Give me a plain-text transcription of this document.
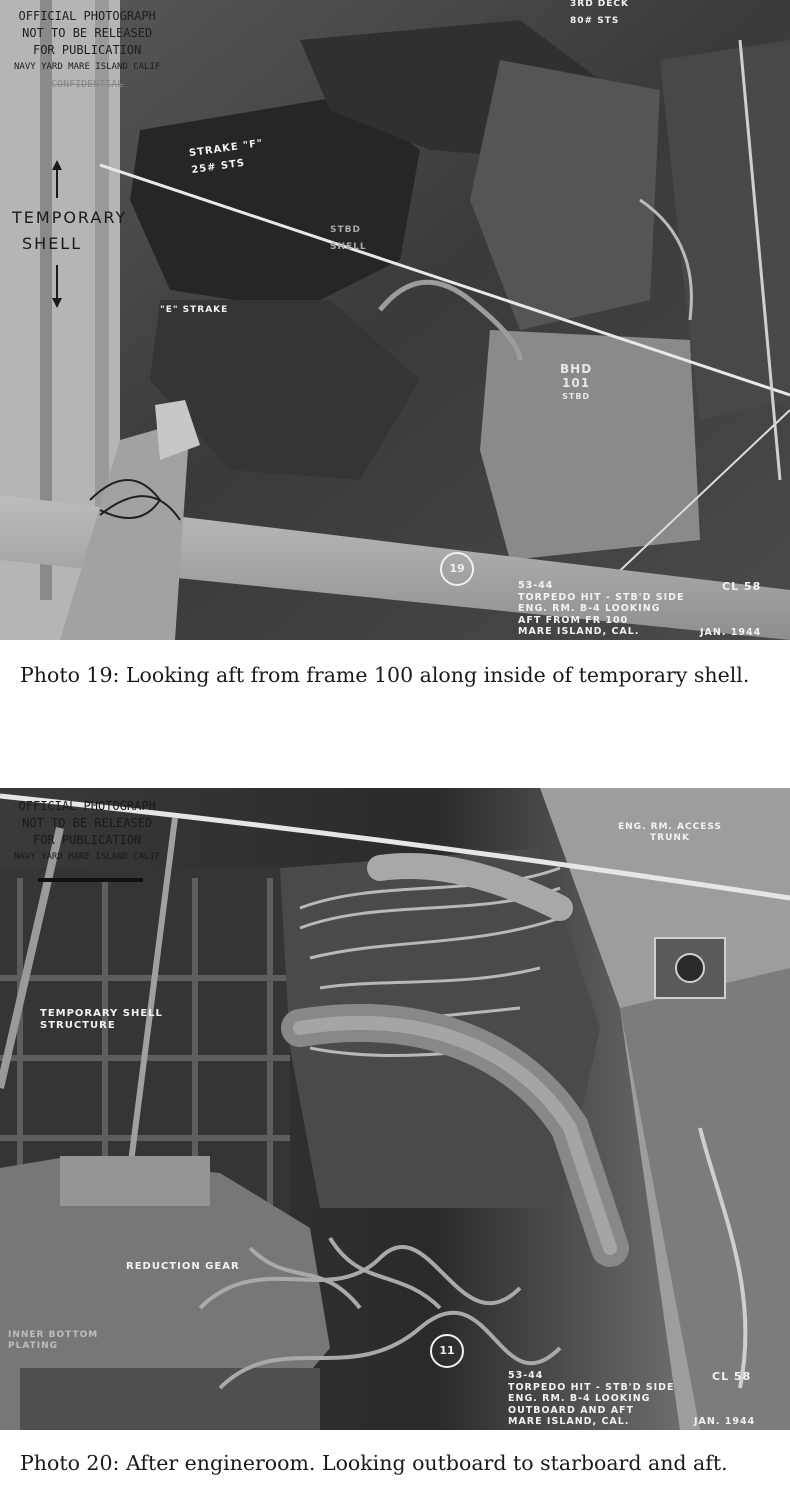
OFFICIAL PHOTOGRAPH
NOT TO BE RELEASED
FOR PUBLICATION
NAVY YARD MARE ISLAND CALIF
CONFIDENTIAL
TEMPORARY
SHELL
STRAKE "F"
25# STS

"E" STRAKE

STBD
SHELL
3RD DECK
80# STS
BHD
101
STBD
19
53-44
TORPEDO HIT - STB'D SIDE
ENG. RM. B-4 LOOKING
AFT FROM FR 100
MARE ISLAND, CAL.

CL 58

JAN. 1944

Photo 19: Looking aft from frame 100 along inside of temporary shell.

OFFICIAL PHOTOGRAPH
NOT TO BE RELEASED
FOR PUBLICATION
NAVY YARD MARE ISLAND CALIF
ENG. RM. ACCESS
TRUNK
TEMPORARY SHELL
STRUCTURE

REDUCTION GEAR

INNER BOTTOM
PLATING	11
53-44
TORPEDO HIT - STB'D SIDE
ENG. RM. B-4 LOOKING
OUTBOARD AND AFT
MARE ISLAND, CAL.

CL 58

JAN. 1944

Photo 20: After engineroom. Looking outboard to starboard and aft.
